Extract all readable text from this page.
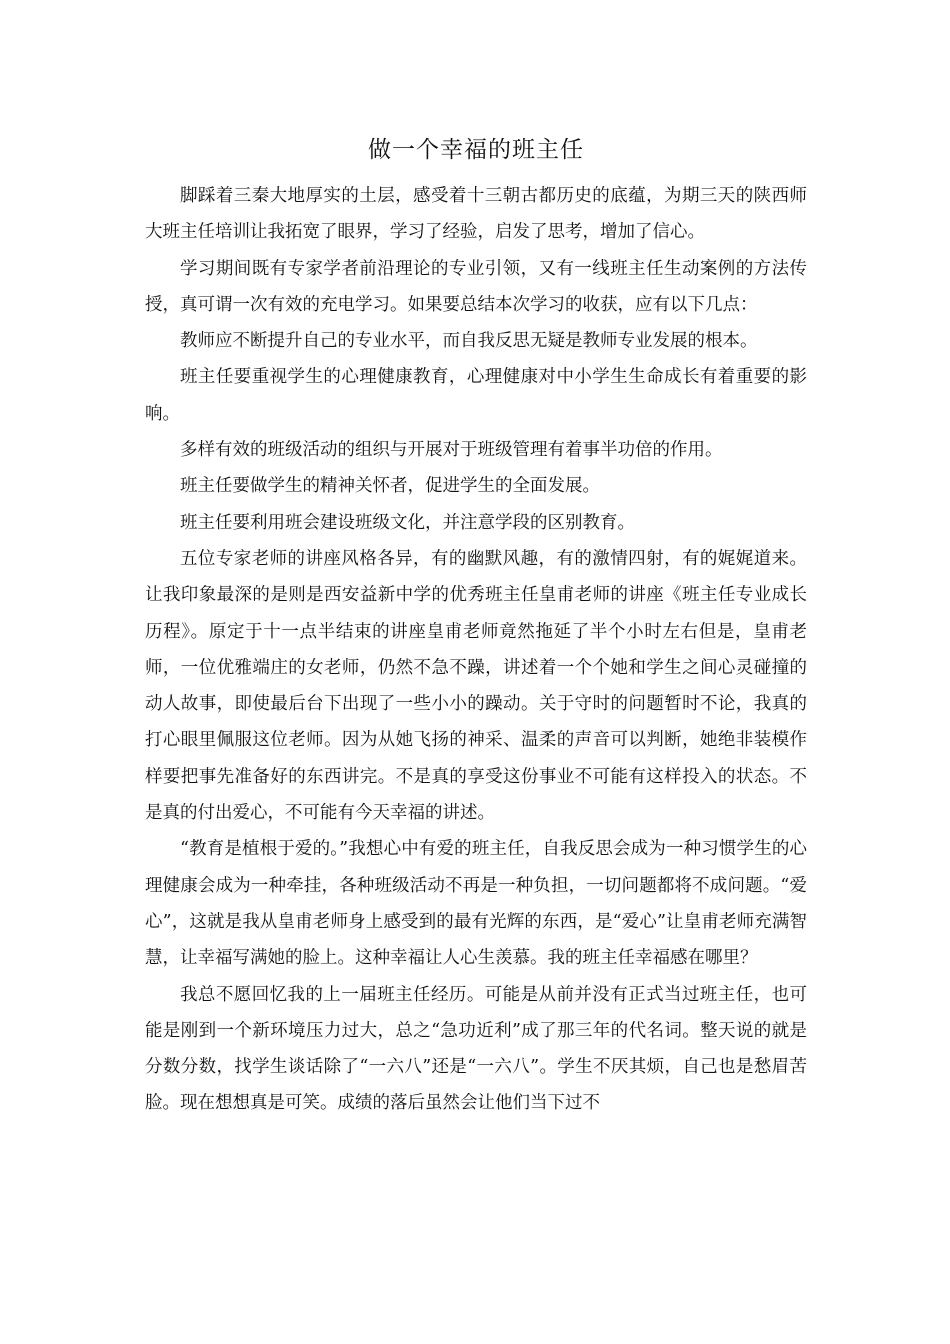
做一个幸福的班主任

脚踩着三秦大地厚实的土层，感受着十三朝古都历史的底蕴，为期三天的陕西师大班主任培训让我拓宽了眼界，学习了经验，启发了思考，增加了信心。

学习期间既有专家学者前沿理论的专业引领，又有一线班主任生动案例的方法传授，真可谓一次有效的充电学习。如果要总结本次学习的收获，应有以下几点：

教师应不断提升自己的专业水平，而自我反思无疑是教师专业发展的根本。

班主任要重视学生的心理健康教育，心理健康对中小学生生命成长有着重要的影响。

多样有效的班级活动的组织与开展对于班级管理有着事半功倍的作用。

班主任要做学生的精神关怀者，促进学生的全面发展。

班主任要利用班会建设班级文化，并注意学段的区别教育。

五位专家老师的讲座风格各异，有的幽默风趣，有的激情四射，有的娓娓道来。让我印象最深的是则是西安益新中学的优秀班主任皇甫老师的讲座《班主任专业成长历程》。原定于十一点半结束的讲座皇甫老师竟然拖延了半个小时左右但是，皇甫老师，一位优雅端庄的女老师，仍然不急不躁，讲述着一个个她和学生之间心灵碰撞的动人故事，即使最后台下出现了一些小小的躁动。关于守时的问题暂时不论，我真的打心眼里佩服这位老师。因为从她飞扬的神采、温柔的声音可以判断，她绝非装模作样要把事先准备好的东西讲完。不是真的享受这份事业不可能有这样投入的状态。不是真的付出爱心，不可能有今天幸福的讲述。

“教育是植根于爱的。”我想心中有爱的班主任，自我反思会成为一种习惯学生的心理健康会成为一种牵挂，各种班级活动不再是一种负担，一切问题都将不成问题。“爱心”，这就是我从皇甫老师身上感受到的最有光辉的东西，是“爱心”让皇甫老师充满智慧，让幸福写满她的脸上。这种幸福让人心生羡慕。我的班主任幸福感在哪里？

我总不愿回忆我的上一届班主任经历。可能是从前并没有正式当过班主任，也可能是刚到一个新环境压力过大，总之“急功近利”成了那三年的代名词。整天说的就是分数分数，找学生谈话除了“一六八”还是“一六八”。学生不厌其烦，自己也是愁眉苦脸。现在想想真是可笑。成绩的落后虽然会让他们当下过不
